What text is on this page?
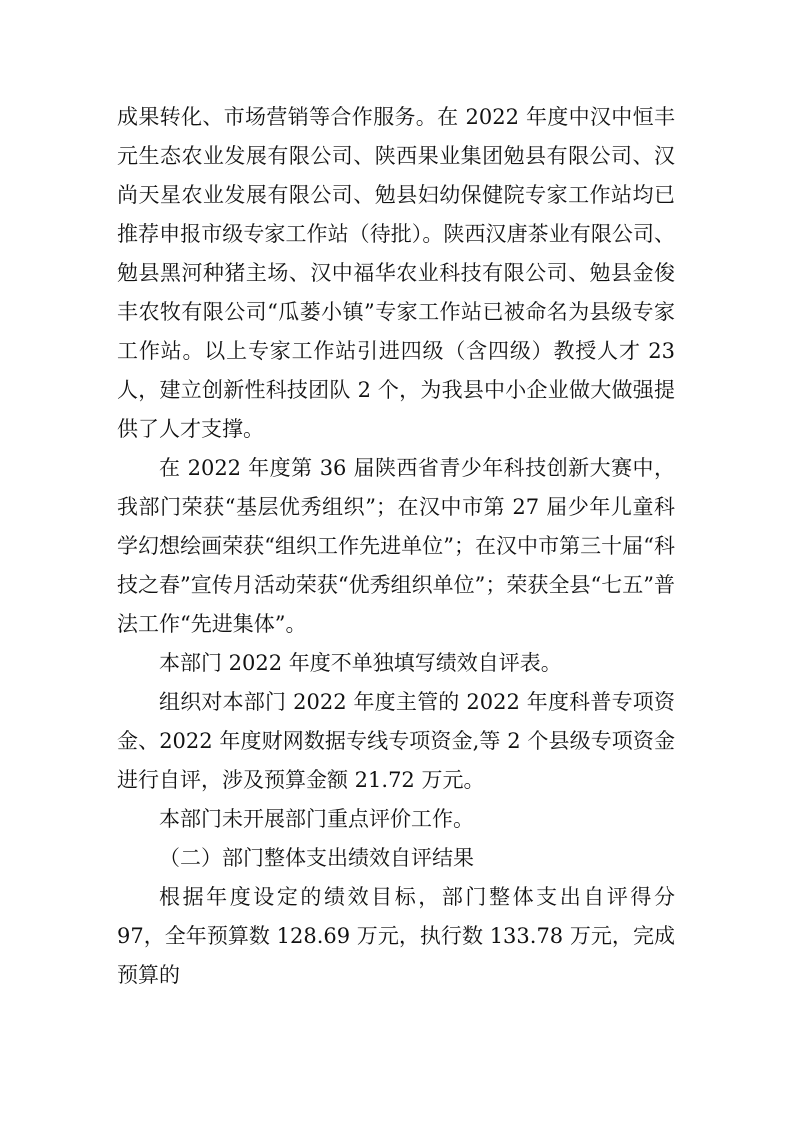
成果转化、市场营销等合作服务。在 2022 年度中汉中恒丰元生态农业发展有限公司、陕西果业集团勉县有限公司、汉尚天星农业发展有限公司、勉县妇幼保健院专家工作站均已推荐申报市级专家工作站（待批）。陕西汉唐茶业有限公司、勉县黑河种猪主场、汉中福华农业科技有限公司、勉县金俊丰农牧有限公司“瓜蒌小镇”专家工作站已被命名为县级专家工作站。以上专家工作站引进四级（含四级）教授人才 23 人，建立创新性科技团队 2 个，为我县中小企业做大做强提供了人才支撑。

在 2022 年度第 36 届陕西省青少年科技创新大赛中，我部门荣获“基层优秀组织”；在汉中市第 27 届少年儿童科学幻想绘画荣获“组织工作先进单位”；在汉中市第三十届“科技之春”宣传月活动荣获“优秀组织单位”；荣获全县“七五”普法工作“先进集体”。

本部门 2022 年度不单独填写绩效自评表。

组织对本部门 2022 年度主管的 2022 年度科普专项资金、2022 年度财网数据专线专项资金,等 2 个县级专项资金进行自评，涉及预算金额 21.72 万元。

本部门未开展部门重点评价工作。

（二）部门整体支出绩效自评结果

根据年度设定的绩效目标，部门整体支出自评得分 97，全年预算数 128.69 万元，执行数 133.78 万元，完成预算的
